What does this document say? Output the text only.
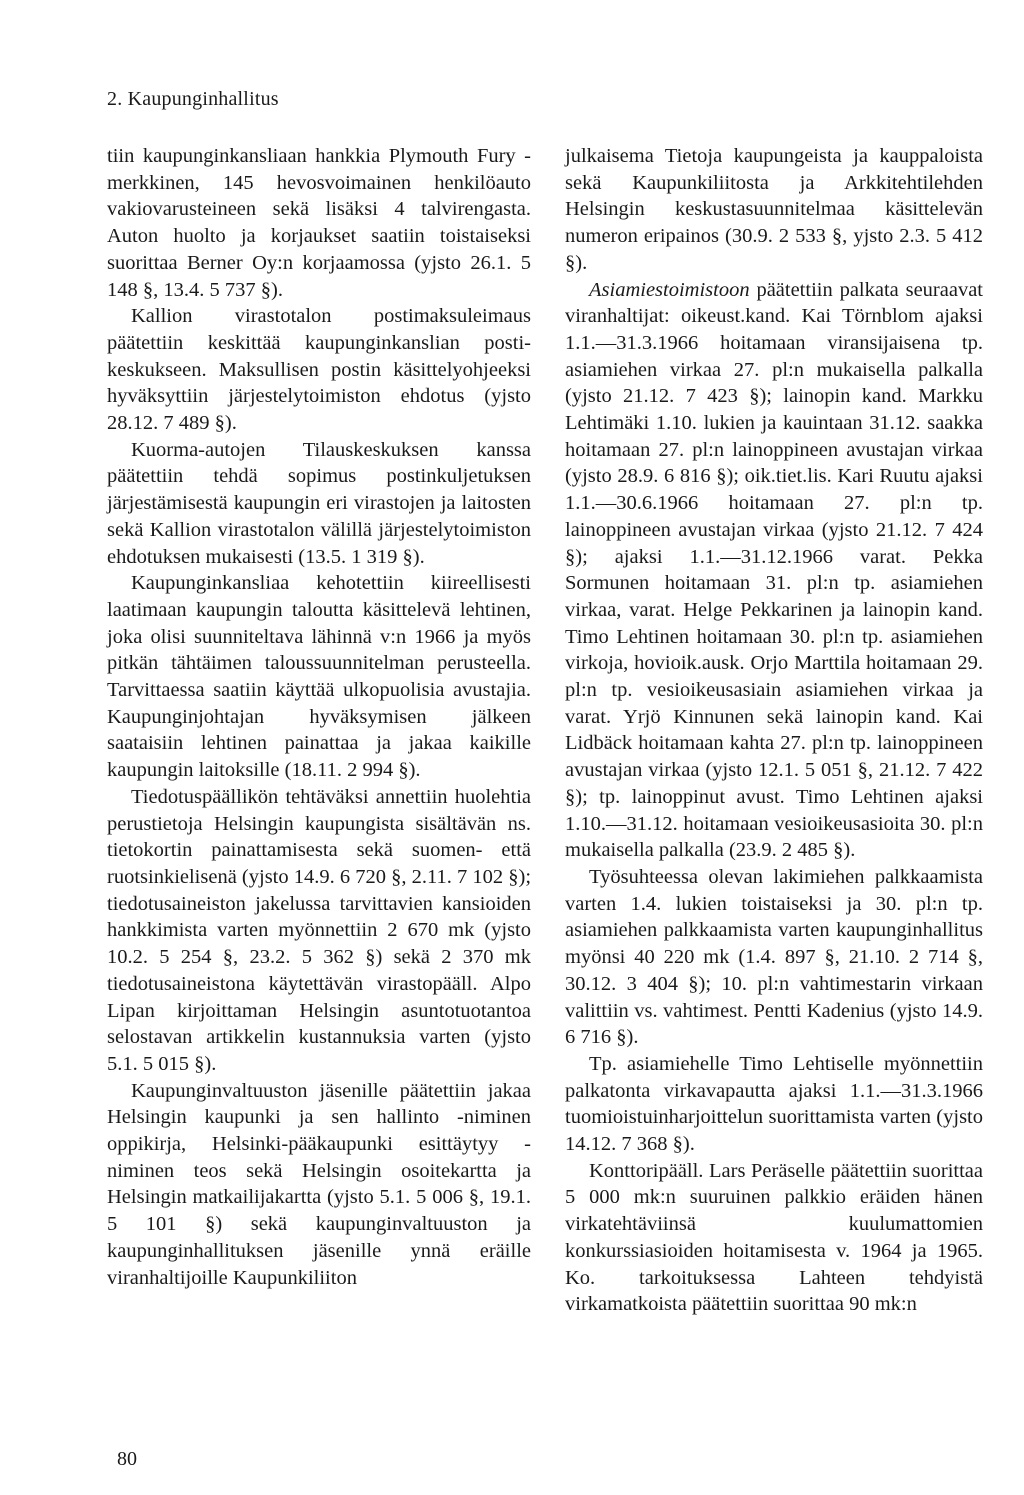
2. Kaupunginhallitus

tiin kaupunginkansliaan hankkia Plymouth Fury -merkkinen, 145 hevosvoimainen henkilöauto vakiovarusteineen sekä lisäksi 4 talvirengasta. Auton huolto ja korjaukset saatiin toistaiseksi suorittaa Berner Oy:n korjaamossa (yjsto 26.1. 5 148 §, 13.4. 5 737 §).

Kallion virastotalon postimaksuleimaus päätettiin keskittää kaupunginkanslian postikeskukseen. Maksullisen postin käsittelyohjeeksi hyväksyttiin järjestelytoimiston ehdotus (yjsto 28.12. 7 489 §).

Kuorma-autojen Tilauskeskuksen kanssa päätettiin tehdä sopimus postinkuljetuksen järjestämisestä kaupungin eri virastojen ja laitosten sekä Kallion virastotalon välillä järjestelytoimiston ehdotuksen mukaisesti (13.5. 1 319 §).

Kaupunginkansliaa kehotettiin kiireellisesti laatimaan kaupungin taloutta käsittelevä lehtinen, joka olisi suunniteltava lähinnä v:n 1966 ja myös pitkän tähtäimen taloussuunnitelman perusteella. Tarvittaessa saatiin käyttää ulkopuolisia avustajia. Kaupunginjohtajan hyväksymisen jälkeen saataisiin lehtinen painattaa ja jakaa kaikille kaupungin laitoksille (18.11. 2 994 §).

Tiedotuspäällikön tehtäväksi annettiin huolehtia perustietoja Helsingin kaupungista sisältävän ns. tietokortin painattamisesta sekä suomen- että ruotsinkielisenä (yjsto 14.9. 6 720 §, 2.11. 7 102 §); tiedotusaineiston jakelussa tarvittavien kansioiden hankkimista varten myönnettiin 2 670 mk (yjsto 10.2. 5 254 §, 23.2. 5 362 §) sekä 2 370 mk tiedotusaineistona käytettävän virastopääll. Alpo Lipan kirjoittaman Helsingin asuntotuotantoa selostavan artikkelin kustannuksia varten (yjsto 5.1. 5 015 §).

Kaupunginvaltuuston jäsenille päätettiin jakaa Helsingin kaupunki ja sen hallinto -niminen oppikirja, Helsinki-pääkaupunki esittäytyy -niminen teos sekä Helsingin osoitekartta ja Helsingin matkailijakartta (yjsto 5.1. 5 006 §, 19.1. 5 101 §) sekä kaupunginvaltuuston ja kaupunginhallituksen jäsenille ynnä eräille viranhaltijoille Kaupunkiliiton

julkaisema Tietoja kaupungeista ja kauppaloista sekä Kaupunkiliitosta ja Arkkitehtilehden Helsingin keskustasuunnitelmaa käsittelevän numeron eripainos (30.9. 2 533 §, yjsto 2.3. 5 412 §).

Asiamiestoimistoon päätettiin palkata seuraavat viranhaltijat: oikeust.kand. Kai Törnblom ajaksi 1.1.—31.3.1966 hoitamaan viransijaisena tp. asiamiehen virkaa 27. pl:n mukaisella palkalla (yjsto 21.12. 7 423 §); lainopin kand. Markku Lehtimäki 1.10. lukien ja kauintaan 31.12. saakka hoitamaan 27. pl:n lainoppineen avustajan virkaa (yjsto 28.9. 6 816 §); oik.tiet.lis. Kari Ruutu ajaksi 1.1.—30.6.1966 hoitamaan 27. pl:n tp. lainoppineen avustajan virkaa (yjsto 21.12. 7 424 §); ajaksi 1.1.—31.12.1966 varat. Pekka Sormunen hoitamaan 31. pl:n tp. asiamiehen virkaa, varat. Helge Pekkarinen ja lainopin kand. Timo Lehtinen hoitamaan 30. pl:n tp. asiamiehen virkoja, hovioik.ausk. Orjo Marttila hoitamaan 29. pl:n tp. vesioikeusasiain asiamiehen virkaa ja varat. Yrjö Kinnunen sekä lainopin kand. Kai Lidbäck hoitamaan kahta 27. pl:n tp. lainoppineen avustajan virkaa (yjsto 12.1. 5 051 §, 21.12. 7 422 §); tp. lainoppinut avust. Timo Lehtinen ajaksi 1.10.—31.12. hoitamaan vesioikeusasioita 30. pl:n mukaisella palkalla (23.9. 2 485 §).

Työsuhteessa olevan lakimiehen palkkaamista varten 1.4. lukien toistaiseksi ja 30. pl:n tp. asiamiehen palkkaamista varten kaupunginhallitus myönsi 40 220 mk (1.4. 897 §, 21.10. 2 714 §, 30.12. 3 404 §); 10. pl:n vahtimestarin virkaan valittiin vs. vahtimest. Pentti Kadenius (yjsto 14.9. 6 716 §).

Tp. asiamiehelle Timo Lehtiselle myönnettiin palkatonta virkavapautta ajaksi 1.1.—31.3.1966 tuomioistuinharjoittelun suorittamista varten (yjsto 14.12. 7 368 §).

Konttoripääll. Lars Peräselle päätettiin suorittaa 5 000 mk:n suuruinen palkkio eräiden hänen virkatehtäviinsä kuulumattomien konkurssiasioiden hoitamisesta v. 1964 ja 1965. Ko. tarkoituksessa Lahteen tehdyistä virkamatkoista päätettiin suorittaa 90 mk:n

80
